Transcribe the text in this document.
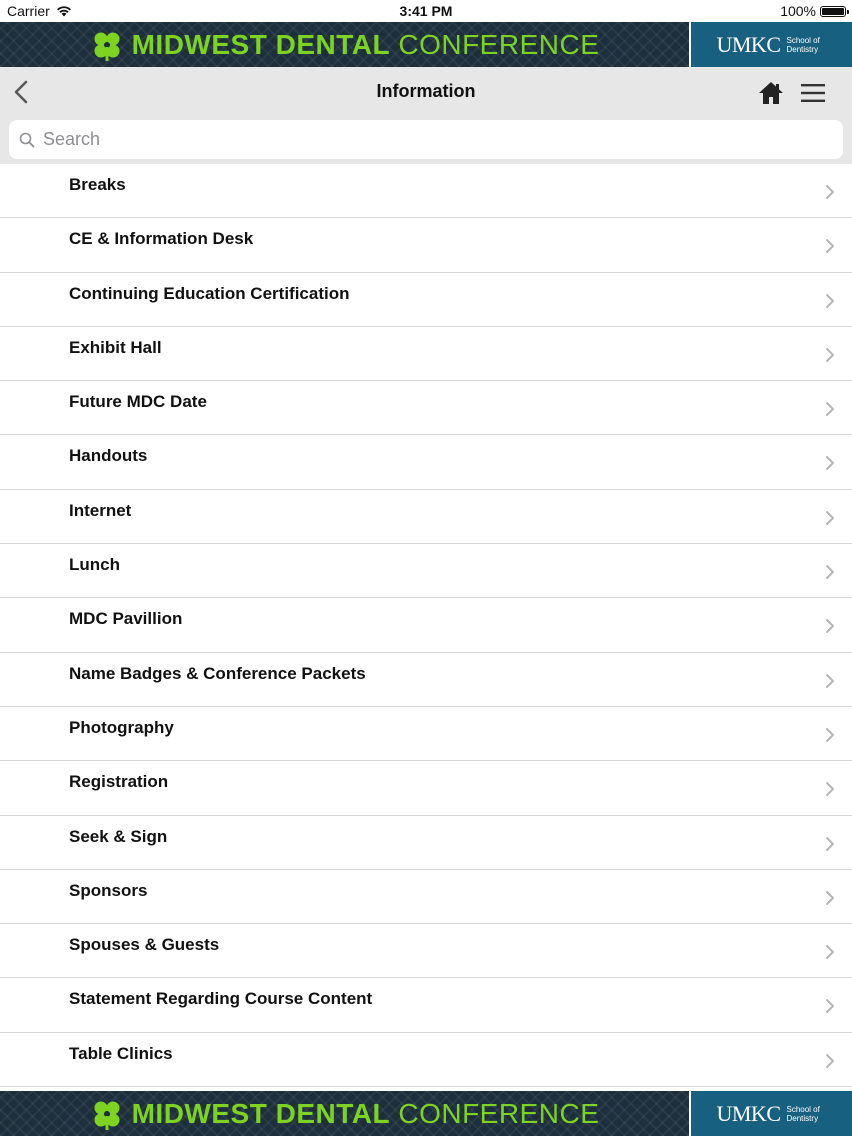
Carrier	3:41 PM	100%
MIDWEST DENTAL CONFERENCE	UMKC School of
Dentistry
Information
Search
Breaks
CE & Information Desk
Continuing Education Certification
Exhibit Hall
Future MDC Date
Handouts
Internet
Lunch
MDC Pavillion
Name Badges & Conference Packets
Photography
Registration
Seek & Sign
Sponsors
Spouses & Guests
Statement Regarding Course Content
Table Clinics
MIDWEST DENTAL CONFERENCE	UMKC School of
Dentistry
